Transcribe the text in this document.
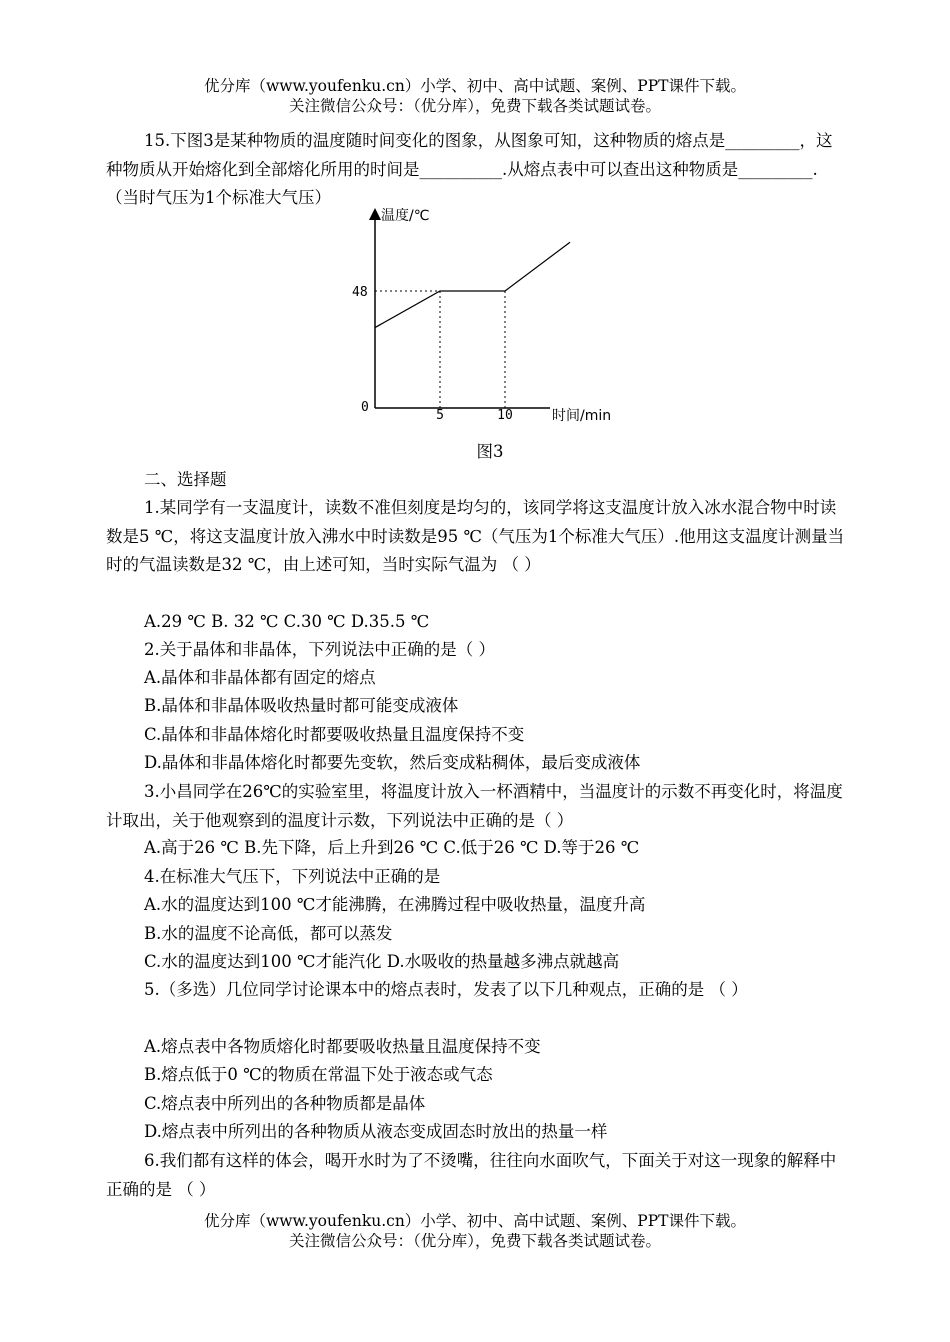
优分库（www.youfenku.cn）小学、初中、高中试题、案例、PPT课件下载。
关注微信公众号：（优分库），免费下载各类试题试卷。
15.下图3是某种物质的温度随时间变化的图象，从图象可知，这种物质的熔点是_________，这种物质从开始熔化到全部熔化所用的时间是__________.从熔点表中可以查出这种物质是_________.（当时气压为1个标准大气压）
温度/℃
时间/min
0
48
5	10
图3
二、选择题
1.某同学有一支温度计，读数不准但刻度是均匀的，该同学将这支温度计放入冰水混合物中时读数是5 ℃，将这支温度计放入沸水中时读数是95 ℃（气压为1个标准大气压）.他用这支温度计测量当时的气温读数是32 ℃，由上述可知，当时实际气温为 （ ）
A.29 ℃ B. 32 ℃ C.30 ℃ D.35.5 ℃
2.关于晶体和非晶体，下列说法中正确的是（ ）
A.晶体和非晶体都有固定的熔点
B.晶体和非晶体吸收热量时都可能变成液体
C.晶体和非晶体熔化时都要吸收热量且温度保持不变
D.晶体和非晶体熔化时都要先变软，然后变成粘稠体，最后变成液体
3.小昌同学在26℃的实验室里，将温度计放入一杯酒精中，当温度计的示数不再变化时，将温度计取出，关于他观察到的温度计示数，下列说法中正确的是（ ）
A.高于26 ℃ B.先下降，后上升到26 ℃ C.低于26 ℃ D.等于26 ℃
4.在标准大气压下，下列说法中正确的是
A.水的温度达到100 ℃才能沸腾，在沸腾过程中吸收热量，温度升高
B.水的温度不论高低，都可以蒸发
C.水的温度达到100 ℃才能汽化 D.水吸收的热量越多沸点就越高
5.（多选）几位同学讨论课本中的熔点表时，发表了以下几种观点，正确的是 （ ）
A.熔点表中各物质熔化时都要吸收热量且温度保持不变
B.熔点低于0 ℃的物质在常温下处于液态或气态
C.熔点表中所列出的各种物质都是晶体
D.熔点表中所列出的各种物质从液态变成固态时放出的热量一样
6.我们都有这样的体会，喝开水时为了不烫嘴，往往向水面吹气，下面关于对这一现象的解释中正确的是 （ ）
优分库（www.youfenku.cn）小学、初中、高中试题、案例、PPT课件下载。
关注微信公众号：（优分库），免费下载各类试题试卷。
